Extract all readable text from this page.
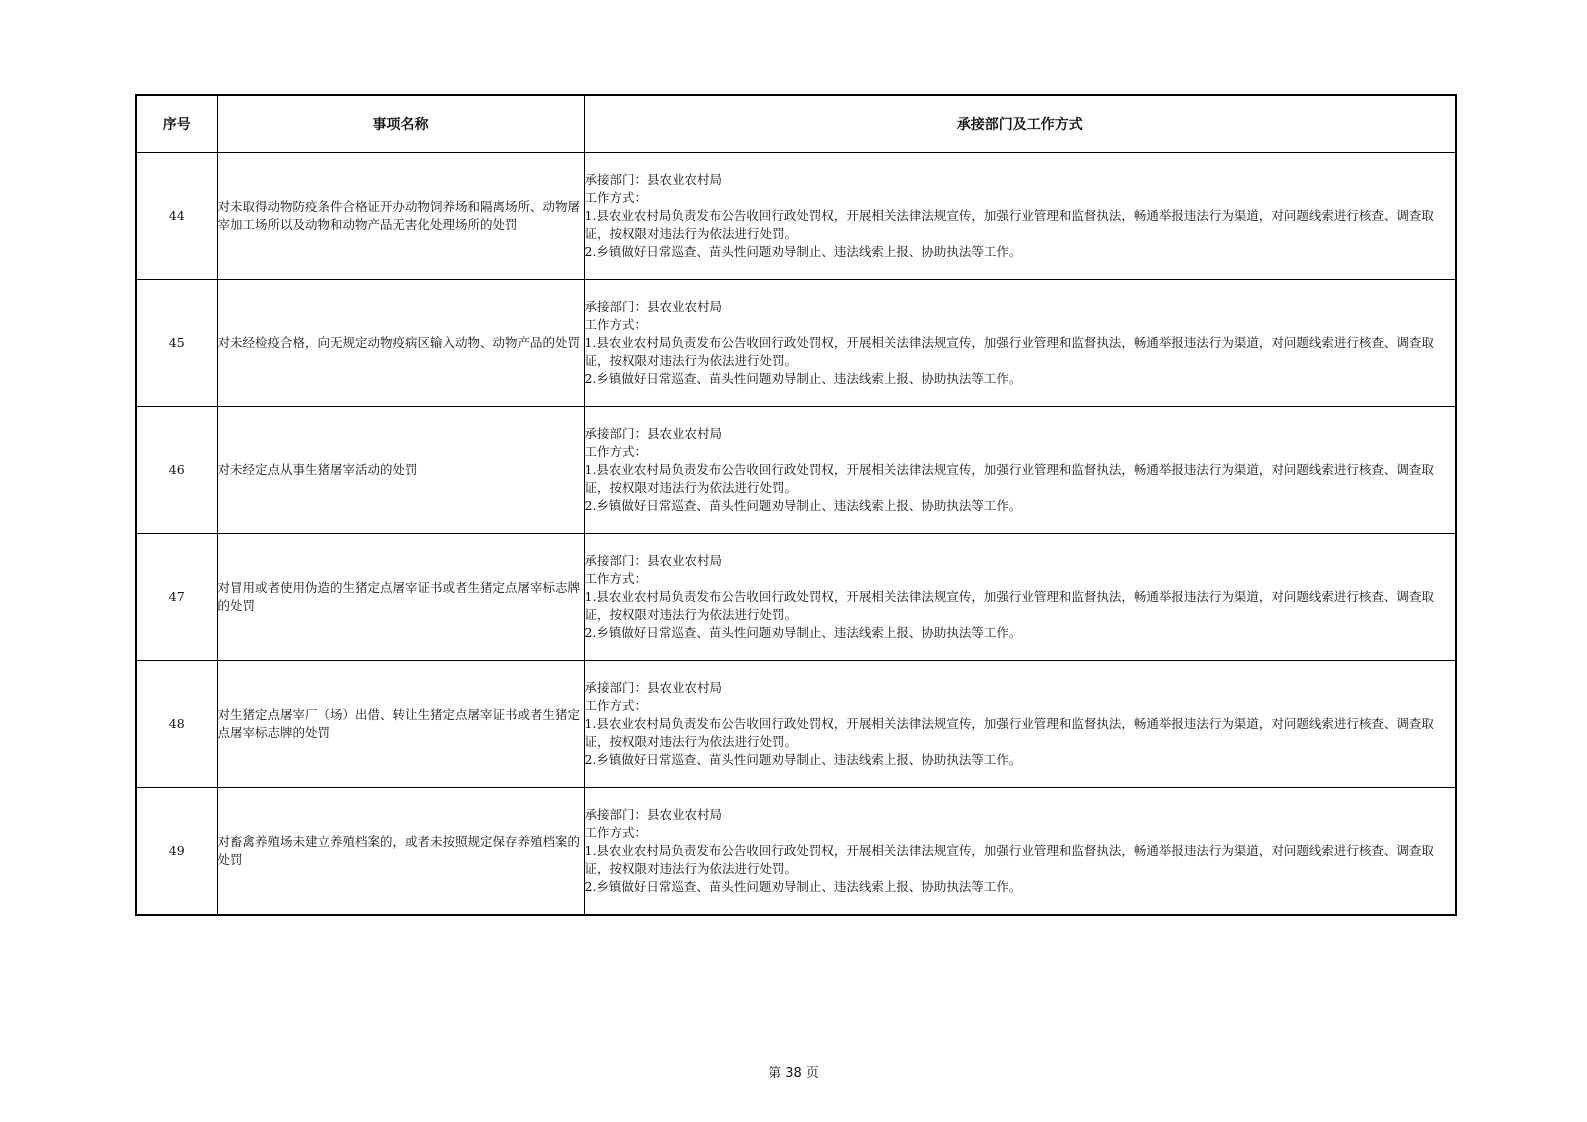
序号	事项名称	承接部门及工作方式
44	对未取得动物防疫条件合格证开办动物饲养场和隔离场所、动物屠宰加工场所以及动物和动物产品无害化处理场所的处罚	承接部门：县农业农村局
工作方式：
1.县农业农村局负责发布公告收回行政处罚权，开展相关法律法规宣传，加强行业管理和监督执法，畅通举报违法行为渠道，对问题线索进行核查、调查取证，按权限对违法行为依法进行处罚。
2.乡镇做好日常巡查、苗头性问题劝导制止、违法线索上报、协助执法等工作。

45	对未经检疫合格，向无规定动物疫病区输入动物、动物产品的处罚	承接部门：县农业农村局
工作方式：
1.县农业农村局负责发布公告收回行政处罚权，开展相关法律法规宣传，加强行业管理和监督执法，畅通举报违法行为渠道，对问题线索进行核查、调查取证，按权限对违法行为依法进行处罚。
2.乡镇做好日常巡查、苗头性问题劝导制止、违法线索上报、协助执法等工作。

46	对未经定点从事生猪屠宰活动的处罚	承接部门：县农业农村局
工作方式：
1.县农业农村局负责发布公告收回行政处罚权，开展相关法律法规宣传，加强行业管理和监督执法，畅通举报违法行为渠道，对问题线索进行核查、调查取证，按权限对违法行为依法进行处罚。
2.乡镇做好日常巡查、苗头性问题劝导制止、违法线索上报、协助执法等工作。

47	对冒用或者使用伪造的生猪定点屠宰证书或者生猪定点屠宰标志牌的处罚	承接部门：县农业农村局
工作方式：
1.县农业农村局负责发布公告收回行政处罚权，开展相关法律法规宣传，加强行业管理和监督执法，畅通举报违法行为渠道，对问题线索进行核查、调查取证，按权限对违法行为依法进行处罚。
2.乡镇做好日常巡查、苗头性问题劝导制止、违法线索上报、协助执法等工作。

48	对生猪定点屠宰厂（场）出借、转让生猪定点屠宰证书或者生猪定点屠宰标志牌的处罚	承接部门：县农业农村局
工作方式：
1.县农业农村局负责发布公告收回行政处罚权，开展相关法律法规宣传，加强行业管理和监督执法，畅通举报违法行为渠道，对问题线索进行核查、调查取证，按权限对违法行为依法进行处罚。
2.乡镇做好日常巡查、苗头性问题劝导制止、违法线索上报、协助执法等工作。

49	对畜禽养殖场未建立养殖档案的，或者未按照规定保存养殖档案的处罚	承接部门：县农业农村局
工作方式：
1.县农业农村局负责发布公告收回行政处罚权，开展相关法律法规宣传，加强行业管理和监督执法，畅通举报违法行为渠道，对问题线索进行核查、调查取证，按权限对违法行为依法进行处罚。
2.乡镇做好日常巡查、苗头性问题劝导制止、违法线索上报、协助执法等工作。
第 38 页
